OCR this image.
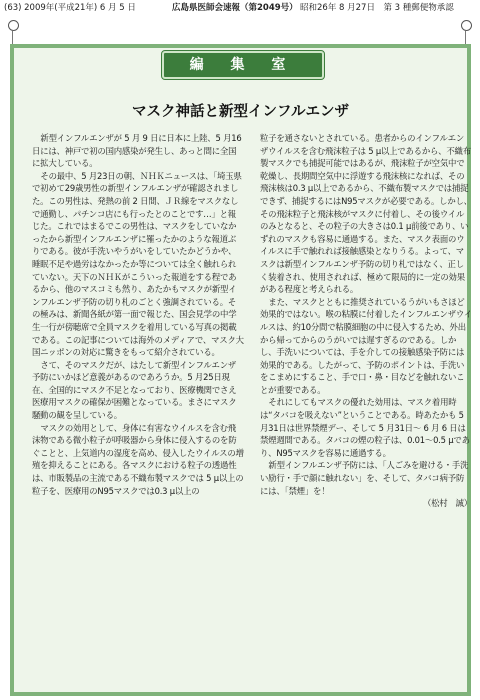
(63) 2009年(平成21年) 6 月 5 日	広島県医師会速報（第2049号） 昭和26年 8 月27日　第 3 種郵便物承認
編 集 室
マスク神話と新型インフルエンザ

新型インフルエンザが 5 月 9 日に日本に上陸、5 月16日には、神戸で初の国内感染が発生し、あっと間に全国に拡大している。

その最中、5 月23日の朝、ＮＨＫニュースは、「埼玉県で初めて29歳男性の新型インフルエンザが確認されました。この男性は、発熱の前 2 日間、ＪＲ線をマスクなしで通勤し、パチンコ店にも行ったとのことです…」と報じた。これではまるでこの男性は、マスクをしていなかったから新型インフルエンザに罹ったかのような報道ぶりである。彼が手洗いやうがいをしていたかどうかや、睡眠不足や過労はなかったか等については全く触れられていない。天下のＮＨＫがこういった報道をする程であるから、他のマスコミも然り、あたかもマスクが新型インフルエンザ予防の切り札のごとく強調されている。その極みは、新聞各紙が第一面で報じた、国会見学の中学生一行が傍聴席で全員マスクを着用している写真の掲載である。この記事については海外のメディアで、マスク大国ニッポンの対応に驚きをもって紹介されている。

さて、そのマスクだが、はたして新型インフルエンザ予防にいかほど意義があるのであろうか。5 月25日現在、全国的にマスク不足となっており、医療機関でさえ医療用マスクの確保が困難となっている。まさにマスク騒動の観を呈している。

マスクの効用として、身体に有害なウイルスを含む飛沫物である微小粒子が呼吸器から身体に侵入するのを防ぐことと、上気道内の湿度を高め、侵入したウイルスの増殖を抑えることにある。各マスクにおける粒子の透過性は、市販製品の主流である不織布製マスクでは 5 μ以上の粒子を、医療用のN95マスクでは0.3 μ以上の

粒子を通さないとされている。患者からのインフルエンザウイルスを含む飛沫粒子は 5 μ以上であるから、不織布製マスクでも捕捉可能ではあるが、飛沫粒子が空気中で乾燥し、長期間空気中に浮遊する飛沫核になれば、その飛沫核は0.3 μ以上であるから、不織布製マスクでは捕捉できず、捕捉するにはN95マスクが必要である。しかし、その飛沫粒子と飛沫核がマスクに付着し、その後ウイルのみとなると、その粒子の大きさは0.1 μ前後であり、いずれのマスクも容易に通過する。また、マスク表面のウイルスに手で触れれば接触感染となりうる。よって、マスクは新型インフルエンザ予防の切り札ではなく、正しく装着され、使用されれば、極めて限局的に一定の効果がある程度と考えられる。

また、マスクとともに推奨されているうがいもさほど効果的ではない。喉の粘膜に付着したインフルエンザウイルスは、約10分間で粘膜細胞の中に侵入するため、外出から帰ってからのうがいでは遅すぎるのである。しかし、手洗いについては、手を介しての接触感染予防には効果的である。したがって、予防のポイントは、手洗いをこまめにすること、手で口・鼻・目などを触れないことが重要である。

それにしてもマスクの優れた効用は、マスク着用時は“タバコを吸えない”ということである。時あたかも 5 月31日は世界禁煙デー、そして 5 月31日～ 6 月 6 日は禁煙週間である。タバコの煙の粒子は、0.01～0.5 μであり、N95マスクを容易に通過する。

新型インフルエンザ予防には、「人ごみを避ける・手洗い励行・手で顔に触れない」を、そして、タバコ病予防には、「禁煙」を！

（松村　誠）
